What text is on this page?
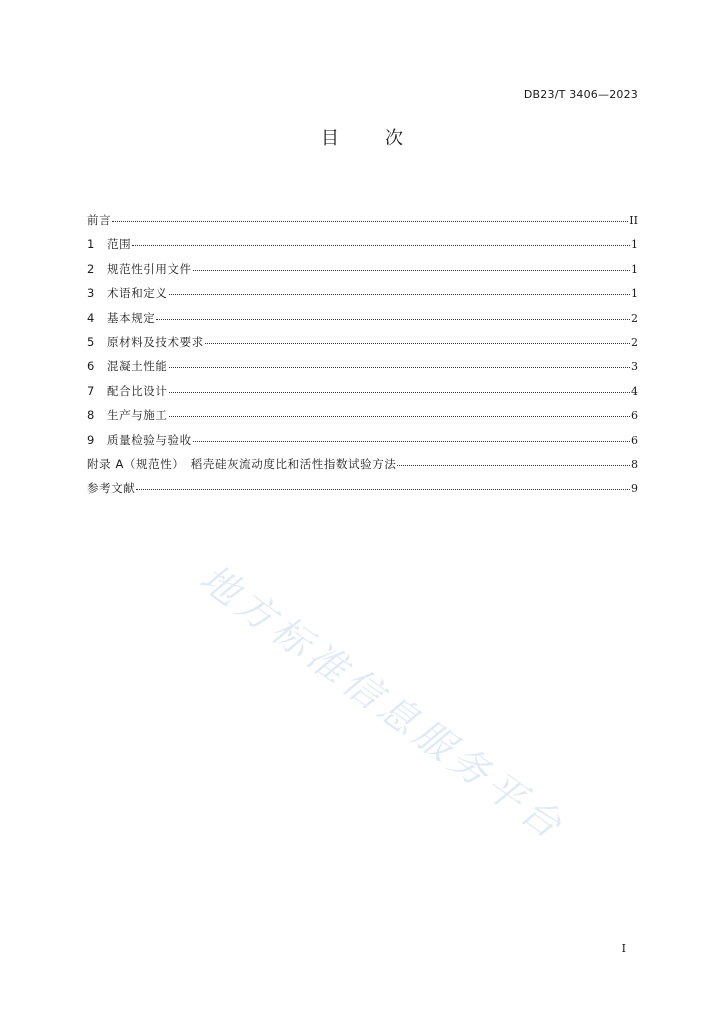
DB23/T 3406—2023
目	次
前言	II
1	范围	1
2	规范性引用文件	1
3	术语和定义	1
4	基本规定	2
5	原材料及技术要求	2
6	混凝土性能	3
7	配合比设计	4
8	生产与施工	6
9	质量检验与验收	6
附录 A（规范性）　稻壳硅灰流动度比和活性指数试验方法	8
参考文献	9
地方标准信息服务平台
I
